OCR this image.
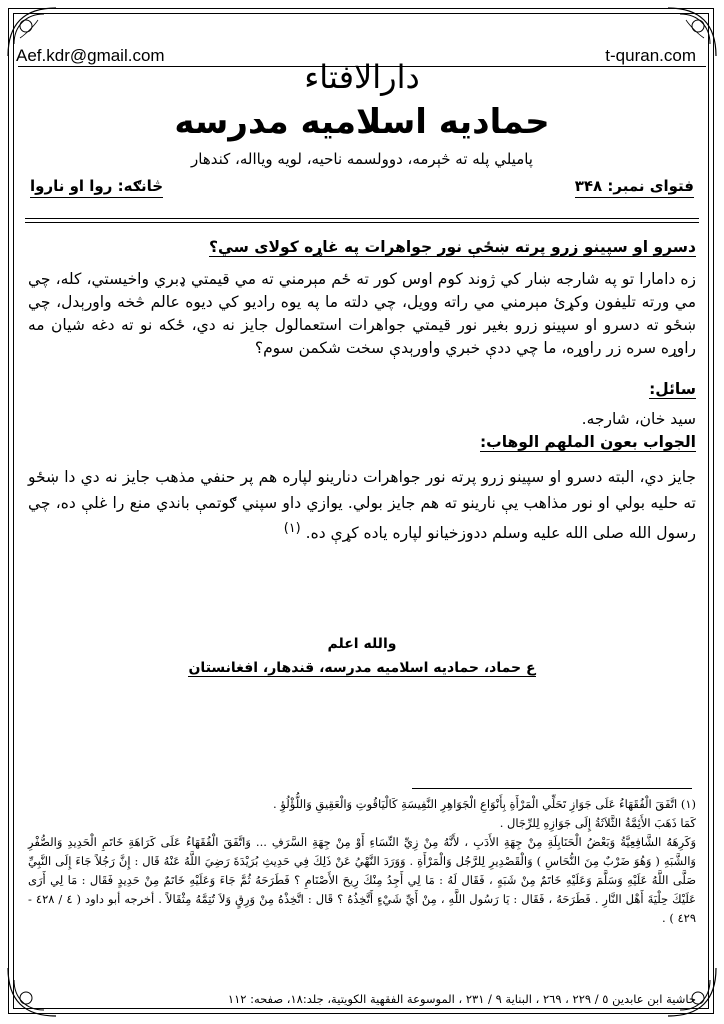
Aef.kdr@gmail.com	t-quran.com
دارالافتاء
حماديه اسلاميه مدرسه
پاميلي پله ته څېرمه، دوولسمه ناحيه، لويه ويااله، کندهار
فتواى نمبر: ۳۴۸
څانګه: روا او ناروا
دسرو او سپينو زرو پرته ښځې نور جواهرات په غاړه کولای سي؟
زه دامارا تو په شارجه ښار کي ژوند کوم اوس کور ته ځم مېرمني ته مي قيمتي ډبري واخيستي، کله، چي مي ورته تليفون وکړئ مېرمني مي راته وويل، چي دلته ما په يوه راديو کي ديوه عالم څخه واورېدل، چي ښځو ته دسرو او سپينو زرو بغير نور قيمتي جواهرات استعمالول جايز نه دي، ځکه نو ته دغه شيان مه راوړه سره زر راوړه، ما چي ددې خبري واورېدې سخت شکمن سوم؟
سائل:
سيد خان، شارجه.
الجواب بعون الملهم الوهاب:
جايز دي، البته دسرو او سپينو زرو پرته نور جواهرات دنارينو لپاره هم پر حنفي مذهب جايز نه دي دا ښځو ته حليه بولي او نور مذاهب يې نارينو ته هم جايز بولي. يوازي داو سپني ګوتمې باندي منع را غلې ده، چي رسول الله صلى الله عليه وسلم ددوزخيانو لپاره ياده کړې ده. $^{(۱)}$
والله اعلم
ع حماد، حماديه اسلاميه مدرسه، قندهار، افغانستان

(١) اتَّفَقَ الْفُقَهَاءُ عَلَى جَوَازِ تَحَلِّي الْمَرْأَةِ بِأَنْوَاعِ الْجَوَاهِرِ النَّفِيسَةِ كَالْيَاقُوتِ وَالْعَقِيقِ وَاللُّؤْلُؤِ .

كَمَا ذَهَبَ الأَئِمَّةُ الثَّلاَثَةُ إِلَى جَوَازِهِ لِلرِّجَال .

وَكَرِهَهُ الشَّافِعِيَّةُ وَبَعْضُ الْحَنَابِلَةِ مِنْ جِهَةِ الأَدَبِ ، لأَنَّهُ مِنْ زِيِّ النِّسَاءِ أَوْ مِنْ جِهَةِ السَّرَفِ ... وَاتَّفَقَ الْفُقَهَاءُ عَلَى كَرَاهَةِ خَاتَمِ الْحَدِيدِ وَالصُّفْرِ وَالشَّبَهِ ( وَهُوَ ضَرْبٌ مِنَ النُّحَاسِ ) وَالْقَصْدِيرِ لِلرَّجُل وَالْمَرْأَةِ . وَوَرَدَ النَّهْيُ عَنْ ذَلِكَ فِي حَدِيثِ بُرَيْدَةَ رَضِيَ اللَّهُ عَنْهُ قَال : إِنَّ رَجُلاً جَاءَ إِلَى النَّبِيِّ صَلَّى اللَّهُ عَلَيْهِ وَسَلَّمَ وَعَلَيْهِ خَاتَمٌ مِنْ شَبَهٍ ، فَقَال لَهُ : مَا لِي أَجِدُ مِنْكَ رِيحَ الأَصْنَامِ ؟ فَطَرَحَهُ ثُمَّ جَاءَ وَعَلَيْهِ خَاتَمٌ مِنْ حَدِيدٍ فَقَال : مَا لِي أَرَى عَلَيْكَ حِلْيَةَ أَهْل النَّارِ . فَطَرَحَهُ ، فَقَال : يَا رَسُول اللَّهِ ، مِنْ أَيِّ شَيْءٍ أَتَّخِذُهُ ؟ قَال : اتَّخِذْهُ مِنْ وَرِقٍ وَلاَ تُتِمَّهُ مِثْقَالاً . أخرجه أبو داود ( ٤ / ٤٢٨ - ٤٢٩ ) .

حاشية ابن عابدين ٥ / ٢٢٩ ، ٢٦٩ ، البناية ٩ / ٢٣١ ، الموسوعة الفقهية الكويتية، جلد:١٨، صفحه: ١١٢
